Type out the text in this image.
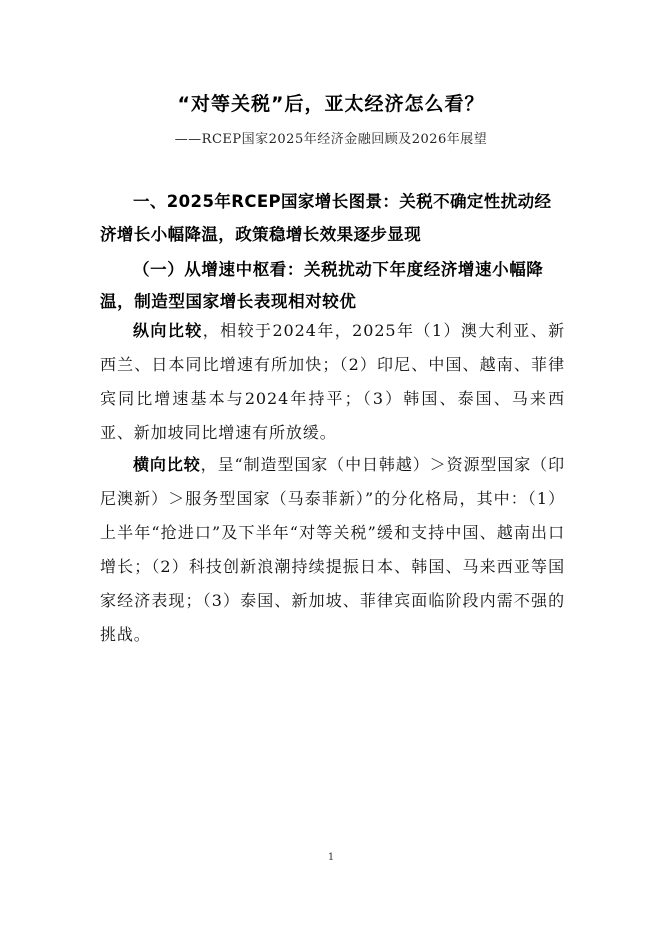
“对等关税”后，亚太经济怎么看？
——RCEP国家2025年经济金融回顾及2026年展望
一、2025年RCEP国家增长图景：关税不确定性扰动经济增长小幅降温，政策稳增长效果逐步显现
（一）从增速中枢看：关税扰动下年度经济增速小幅降温，制造型国家增长表现相对较优
纵向比较，相较于2024年，2025年（1）澳大利亚、新西兰、日本同比增速有所加快；（2）印尼、中国、越南、菲律宾同比增速基本与2024年持平；（3）韩国、泰国、马来西亚、新加坡同比增速有所放缓。
横向比较，呈“制造型国家（中日韩越）＞资源型国家（印尼澳新）＞服务型国家（马泰菲新）”的分化格局，其中：（1）上半年“抢进口”及下半年“对等关税”缓和支持中国、越南出口增长；（2）科技创新浪潮持续提振日本、韩国、马来西亚等国家经济表现；（3）泰国、新加坡、菲律宾面临阶段内需不强的挑战。
1
